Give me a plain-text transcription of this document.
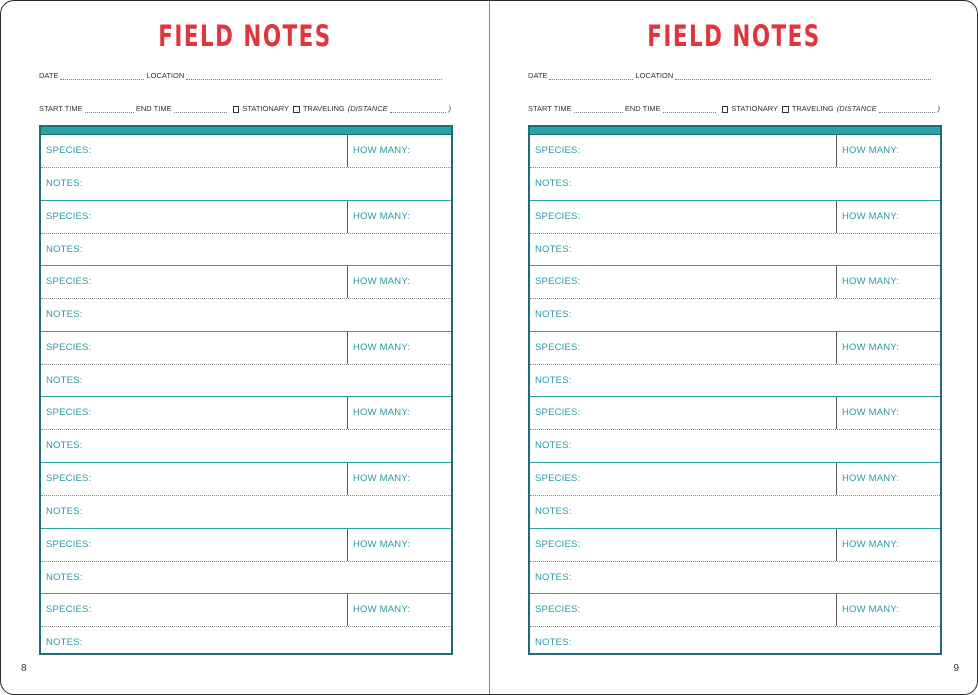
FIELD NOTES
DATE	LOCATION
START TIME	END TIME	STATIONARY TRAVELING (DISTANCE	)
SPECIES:	HOW MANY:
NOTES:
SPECIES:	HOW MANY:
NOTES:
SPECIES:	HOW MANY:
NOTES:
SPECIES:	HOW MANY:
NOTES:
SPECIES:	HOW MANY:
NOTES:
SPECIES:	HOW MANY:
NOTES:
SPECIES:	HOW MANY:
NOTES:
SPECIES:	HOW MANY:
NOTES:
8
FIELD NOTES
DATE	LOCATION
START TIME	END TIME	STATIONARY TRAVELING (DISTANCE	)
SPECIES:	HOW MANY:
NOTES:
SPECIES:	HOW MANY:
NOTES:
SPECIES:	HOW MANY:
NOTES:
SPECIES:	HOW MANY:
NOTES:
SPECIES:	HOW MANY:
NOTES:
SPECIES:	HOW MANY:
NOTES:
SPECIES:	HOW MANY:
NOTES:
SPECIES:	HOW MANY:
NOTES:
9
